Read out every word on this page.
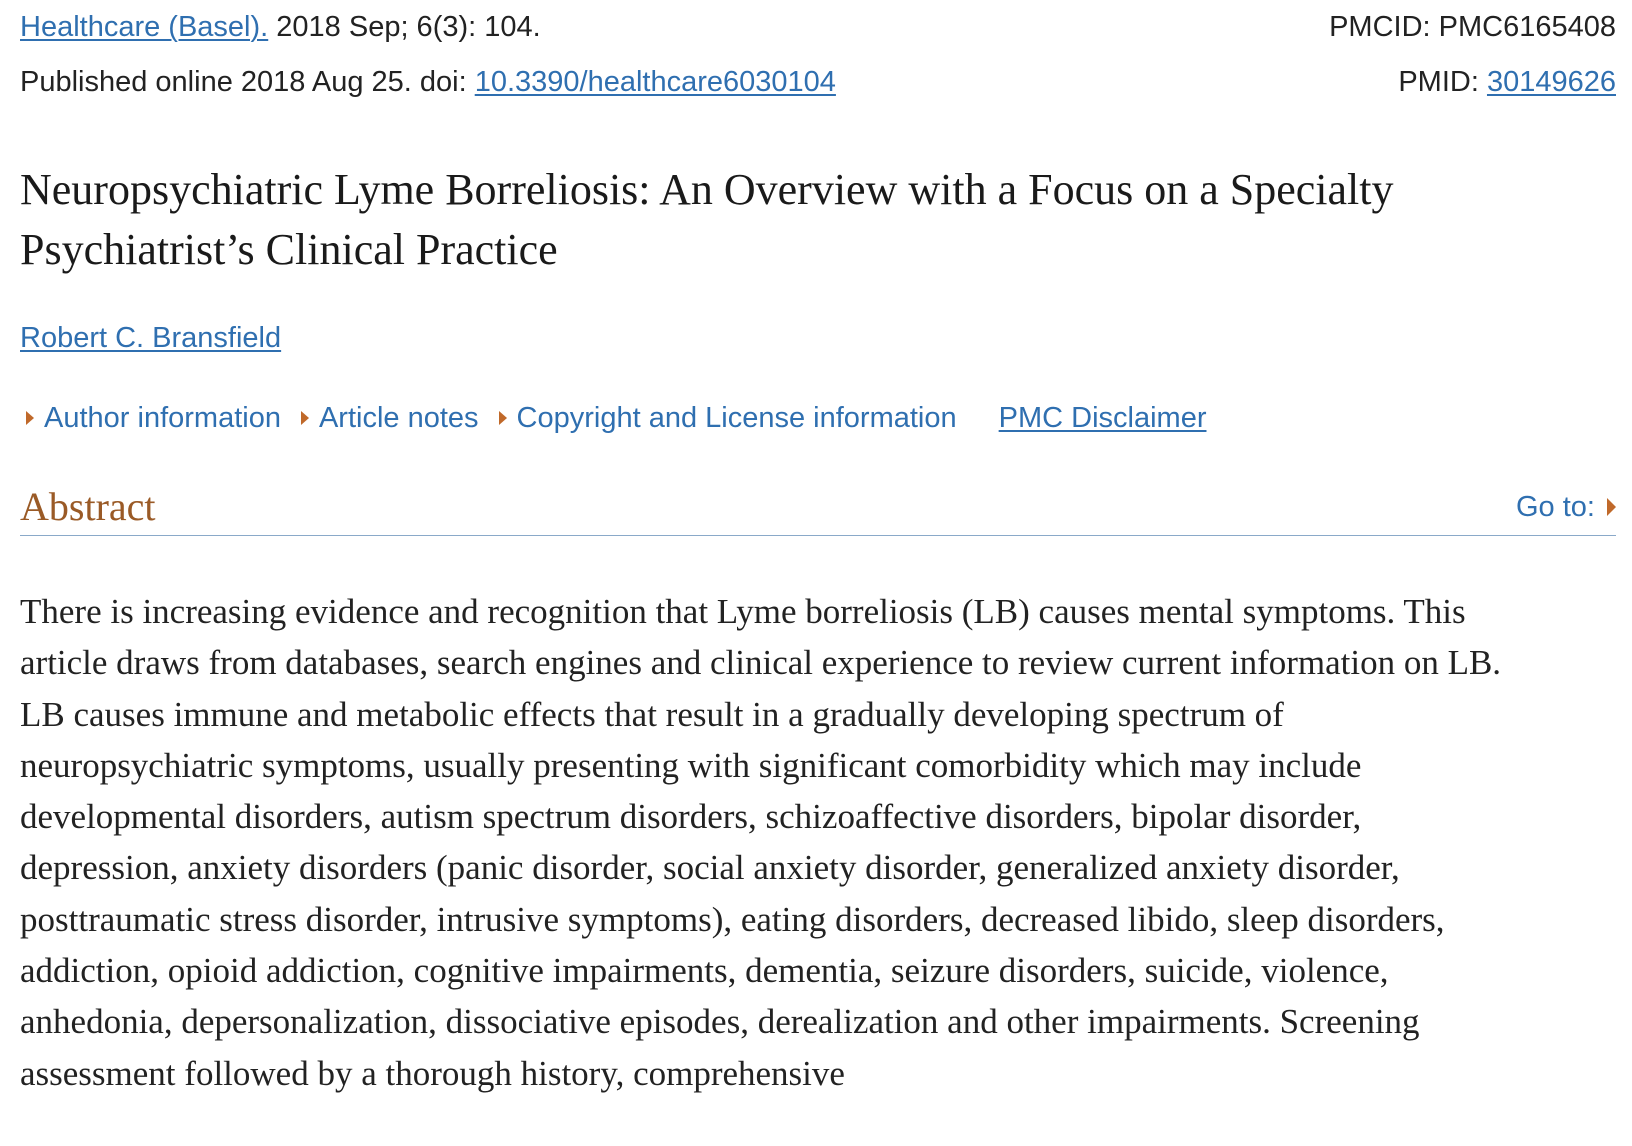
Healthcare (Basel). 2018 Sep; 6(3): 104.	PMCID: PMC6165408
Published online 2018 Aug 25. doi: 10.3390/healthcare6030104	PMID: 30149626
Neuropsychiatric Lyme Borreliosis: An Overview with a Focus on a Specialty Psychiatrist’s Clinical Practice
Robert C. Bransfield
Author information Article notes Copyright and License information PMC Disclaimer
Abstract	Go to:

There is increasing evidence and recognition that Lyme borreliosis (LB) causes mental symptoms. This article draws from databases, search engines and clinical experience to review current information on LB. LB causes immune and metabolic effects that result in a gradually developing spectrum of neuropsychiatric symptoms, usually presenting with significant comorbidity which may include developmental disorders, autism spectrum disorders, schizoaffective disorders, bipolar disorder, depression, anxiety disorders (panic disorder, social anxiety disorder, generalized anxiety disorder, posttraumatic stress disorder, intrusive symptoms), eating disorders, decreased libido, sleep disorders, addiction, opioid addiction, cognitive impairments, dementia, seizure disorders, suicide, violence, anhedonia, depersonalization, dissociative episodes, derealization and other impairments. Screening assessment followed by a thorough history, comprehensive
